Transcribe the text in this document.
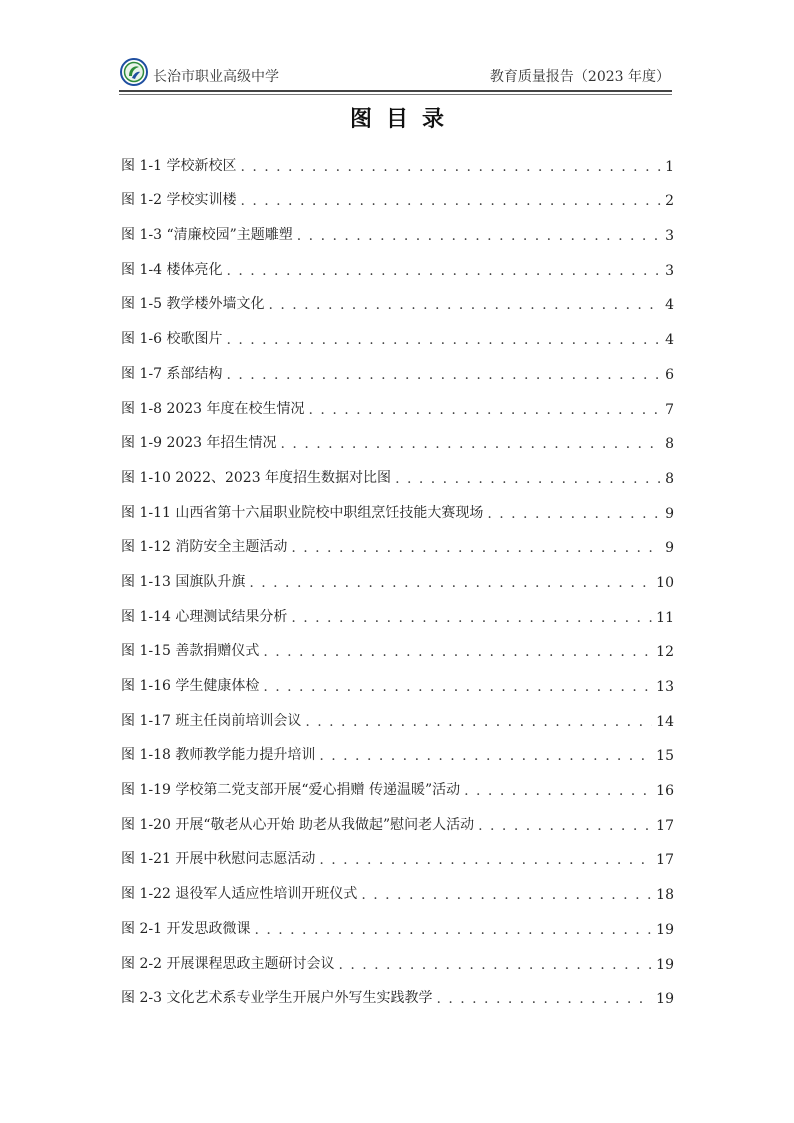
长治市职业高级中学	教育质量报告（2023 年度）
图目录
图 1-1 学校新校区 . . .	1
图 1-2 学校实训楼 . . .	2
图 1-3 “清廉校园”主题雕塑 . . .	3
图 1-4 楼体亮化 . . .	3
图 1-5 教学楼外墙文化 . . .	4
图 1-6 校歌图片 . . .	4
图 1-7 系部结构 . . .	6
图 1-8 2023 年度在校生情况 . . .	7
图 1-9 2023 年招生情况 . . .	8
图 1-10 2022、2023 年度招生数据对比图 . . .	8
图 1-11 山西省第十六届职业院校中职组烹饪技能大赛现场 . . .	9
图 1-12 消防安全主题活动 . . .	9
图 1-13 国旗队升旗 . . .	10
图 1-14 心理测试结果分析 . . .	11
图 1-15 善款捐赠仪式 . . .	12
图 1-16 学生健康体检 . . .	13
图 1-17 班主任岗前培训会议 . . .	14
图 1-18 教师教学能力提升培训 . . .	15
图 1-19 学校第二党支部开展“爱心捐赠 传递温暖”活动 . . .	16
图 1-20 开展“敬老从心开始 助老从我做起”慰问老人活动 . . .	17
图 1-21 开展中秋慰问志愿活动 . . .	17
图 1-22 退役军人适应性培训开班仪式 . . .	18
图 2-1 开发思政微课 . . .	19
图 2-2 开展课程思政主题研讨会议 . . .	19
图 2-3 文化艺术系专业学生开展户外写生实践教学 . . .	19
